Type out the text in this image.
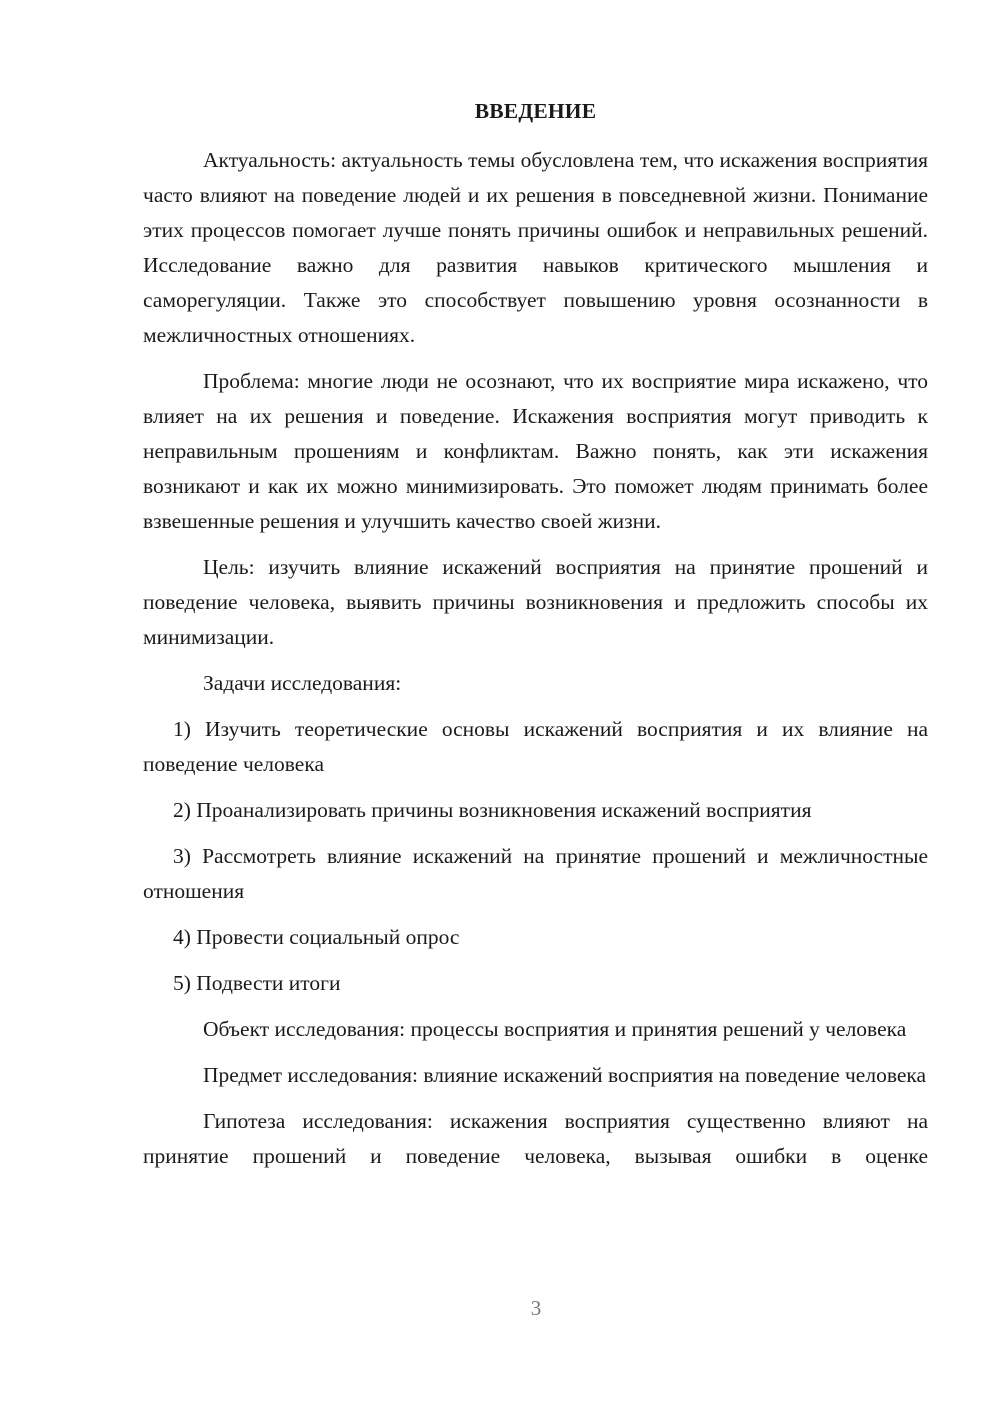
ВВЕДЕНИЕ

Актуальность: актуальность темы обусловлена тем, что искажения восприятия часто влияют на поведение людей и их решения в повседневной жизни. Понимание этих процессов помогает лучше понять причины ошибок и неправильных решений. Исследование важно для развития навыков критического мышления и саморегуляции. Также это способствует повышению уровня осознанности в межличностных отношениях.

Проблема: многие люди не осознают, что их восприятие мира искажено, что влияет на их решения и поведение. Искажения восприятия могут приводить к неправильным прошениям и конфликтам. Важно понять, как эти искажения возникают и как их можно минимизировать. Это поможет людям принимать более взвешенные решения и улучшить качество своей жизни.

Цель: изучить влияние искажений восприятия на принятие прошений и поведение человека, выявить причины возникновения и предложить способы их минимизации.

Задачи исследования:

1) Изучить теоретические основы искажений восприятия и их влияние на поведение человека

2) Проанализировать причины возникновения искажений восприятия

3) Рассмотреть влияние искажений на принятие прошений и межличностные отношения

4) Провести социальный опрос

5) Подвести итоги

Объект исследования: процессы восприятия и принятия решений у человека

Предмет исследования: влияние искажений восприятия на поведение человека

Гипотеза исследования: искажения восприятия существенно влияют на принятие прошений и поведение человека, вызывая ошибки в оценке

3
